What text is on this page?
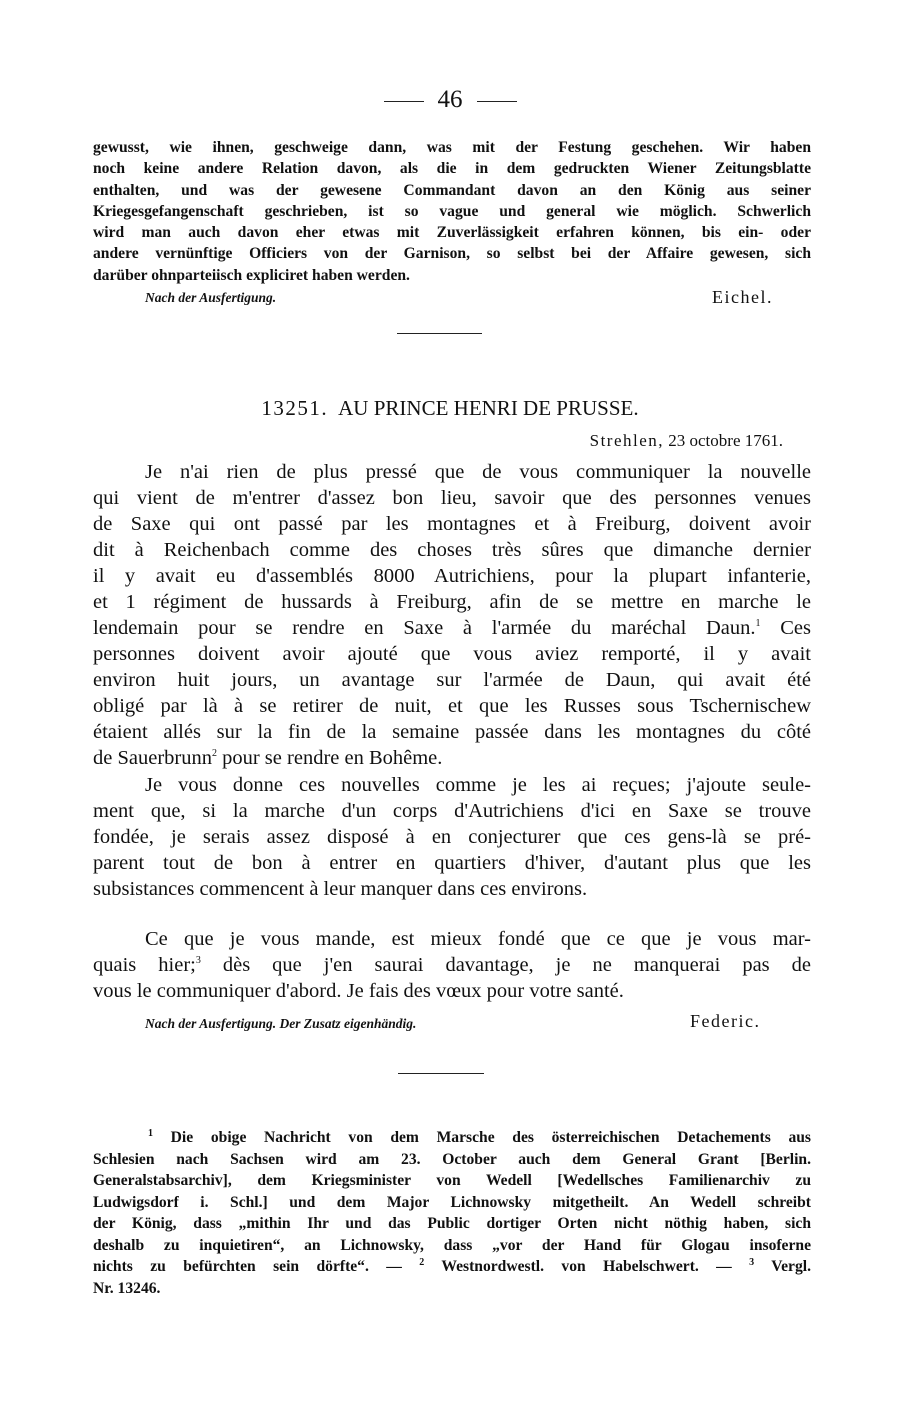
46
gewusst, wie ihnen, geschweige dann, was mit der Festung geschehen. Wir haben
noch keine andere Relation davon, als die in dem gedruckten Wiener Zeitungsblatte
enthalten, und was der gewesene Commandant davon an den König aus seiner
Kriegesgefangenschaft geschrieben, ist so vague und general wie möglich. Schwerlich
wird man auch davon eher etwas mit Zuverlässigkeit erfahren können, bis ein- oder
andere vernünftige Officiers von der Garnison, so selbst bei der Affaire gewesen, sich
darüber ohnparteiisch expliciret haben werden.
Nach der Ausfertigung.	Eichel.
13251. AU PRINCE HENRI DE PRUSSE.
Strehlen, 23 octobre 1761.
Je n'ai rien de plus pressé que de vous communiquer la nouvelle
qui vient de m'entrer d'assez bon lieu, savoir que des personnes venues
de Saxe qui ont passé par les montagnes et à Freiburg, doivent avoir
dit à Reichenbach comme des choses très sûres que dimanche dernier
il y avait eu d'assemblés 8000 Autrichiens, pour la plupart infanterie,
et 1 régiment de hussards à Freiburg, afin de se mettre en marche le
lendemain pour se rendre en Saxe à l'armée du maréchal Daun.$^1$ Ces
personnes doivent avoir ajouté que vous aviez remporté, il y avait
environ huit jours, un avantage sur l'armée de Daun, qui avait été
obligé par là à se retirer de nuit, et que les Russes sous Tschernischew
étaient allés sur la fin de la semaine passée dans les montagnes du côté
de Sauerbrunn$^2$ pour se rendre en Bohême.
Je vous donne ces nouvelles comme je les ai reçues; j'ajoute seule-
ment que, si la marche d'un corps d'Autrichiens d'ici en Saxe se trouve
fondée, je serais assez disposé à en conjecturer que ces gens-là se pré-
parent tout de bon à entrer en quartiers d'hiver, d'autant plus que les
subsistances commencent à leur manquer dans ces environs.
Ce que je vous mande, est mieux fondé que ce que je vous mar-
quais hier;$^3$ dès que j'en saurai davantage, je ne manquerai pas de
vous le communiquer d'abord. Je fais des vœux pour votre santé.
Nach der Ausfertigung. Der Zusatz eigenhändig.	Federic.
$^1$ Die obige Nachricht von dem Marsche des österreichischen Detachements aus
Schlesien nach Sachsen wird am 23. October auch dem General Grant [Berlin.
Generalstabsarchiv], dem Kriegsminister von Wedell [Wedellsches Familienarchiv zu
Ludwigsdorf i. Schl.] und dem Major Lichnowsky mitgetheilt. An Wedell schreibt
der König, dass „mithin Ihr und das Public dortiger Orten nicht nöthig haben, sich
deshalb zu inquietiren“, an Lichnowsky, dass „vor der Hand für Glogau insoferne
nichts zu befürchten sein dörfte“. — $^2$ Westnordwestl. von Habelschwert. — $^3$ Vergl.
Nr. 13246.
